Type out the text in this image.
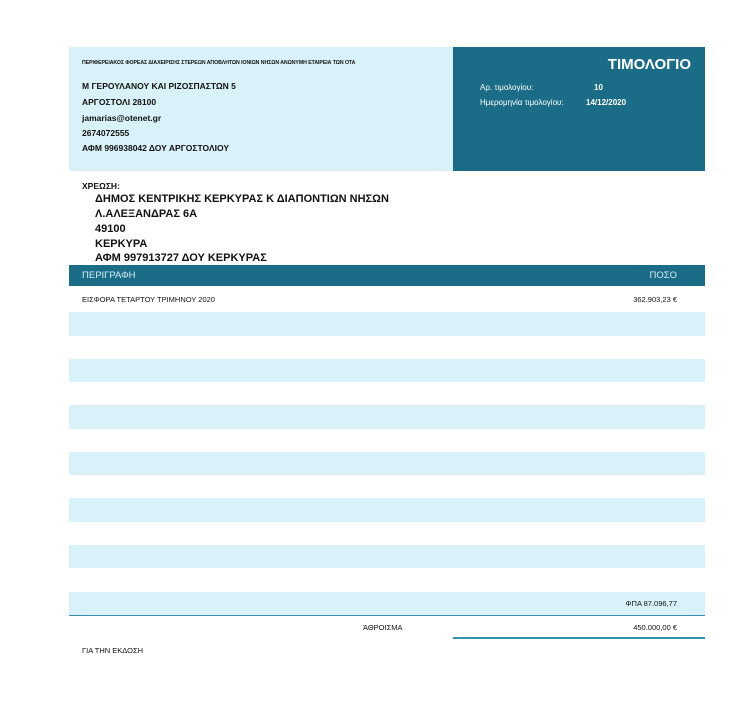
ΠΕΡΙΦΕΡΕΙΑΚΟΣ ΦΟΡΕΑΣ ΔΙΑΧΕΙΡΙΣΗΣ ΣΤΕΡΕΩΝ ΑΠΟΒΛΗΤΩΝ ΙΟΝΙΩΝ ΝΗΣΩΝ ΑΝΩΝΥΜΗ ΕΤΑΙΡΕΙΑ ΤΩΝ ΟΤΑ
Μ ΓΕΡΟΥΛΑΝΟΥ ΚΑΙ ΡΙΖΟΣΠΑΣΤΩΝ 5
ΑΡΓΟΣΤΟΛΙ 28100
jamarias@otenet.gr
2674072555
ΑΦΜ 996938042 ΔΟΥ ΑΡΓΟΣΤΟΛΙΟΥ
ΤΙΜΟΛΟΓΙΟ
Αρ. τιμολογίου:	10
Ημερομηνία τιμολογίου:	14/12/2020
ΧΡΕΩΣΗ:
ΔΗΜΟΣ ΚΕΝΤΡΙΚΗΣ ΚΕΡΚΥΡΑΣ Κ ΔΙΑΠΟΝΤΙΩΝ ΝΗΣΩΝ
Λ.ΑΛΕΞΑΝΔΡΑΣ 6Α
49100
ΚΕΡΚΥΡΑ
ΑΦΜ 997913727 ΔΟΥ ΚΕΡΚΥΡΑΣ
ΠΕΡΙΓΡΑΦΗ	ΠΟΣΟ
ΕΙΣΦΟΡΑ ΤΕΤΑΡΤΟΥ ΤΡΙΜΗΝΟΥ 2020	362.903,23 €
ΦΠΑ 87.096,77
ΆΘΡΟΙΣΜΑ	450.000,00 €
ΓΙΑ ΤΗΝ ΕΚΔΟΣΗ
